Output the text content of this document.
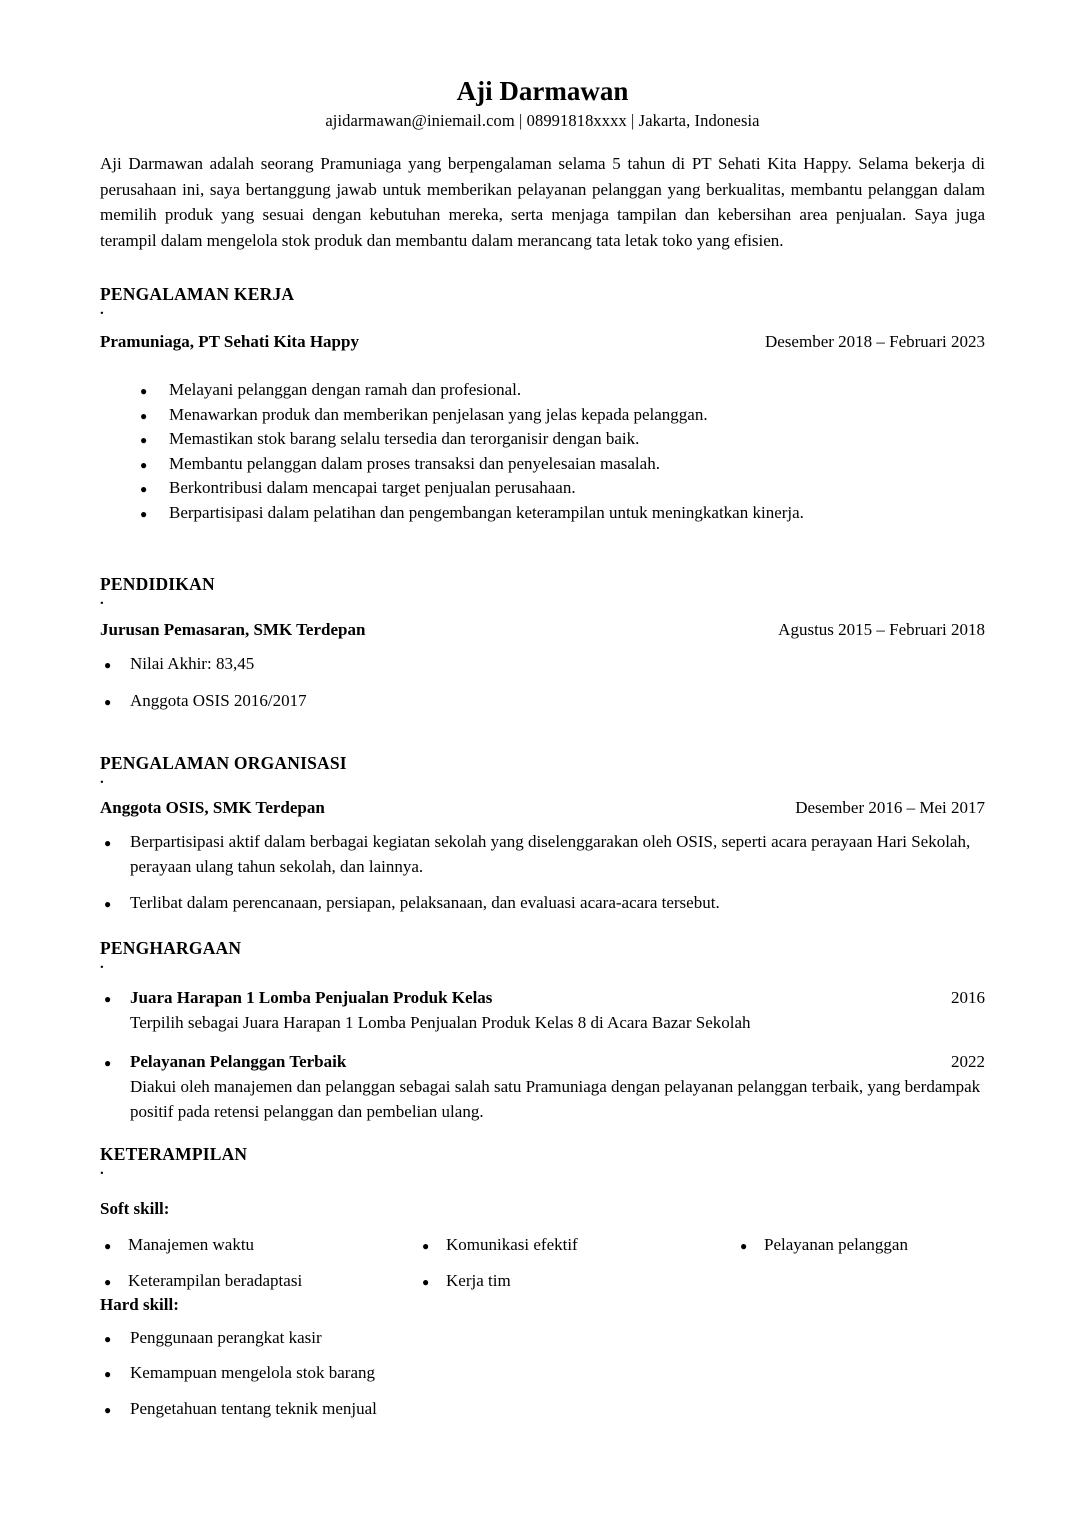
Aji Darmawan
ajidarmawan@iniemail.com | 08991818xxxx | Jakarta, Indonesia

Aji Darmawan adalah seorang Pramuniaga yang berpengalaman selama 5 tahun di PT Sehati Kita Happy. Selama bekerja di perusahaan ini, saya bertanggung jawab untuk memberikan pelayanan pelanggan yang berkualitas, membantu pelanggan dalam memilih produk yang sesuai dengan kebutuhan mereka, serta menjaga tampilan dan kebersihan area penjualan. Saya juga terampil dalam mengelola stok produk dan membantu dalam merancang tata letak toko yang efisien.

PENGALAMAN KERJA
.
Pramuniaga, PT Sehati Kita Happy	Desember 2018 – Februari 2023
● Melayani pelanggan dengan ramah dan profesional.
● Menawarkan produk dan memberikan penjelasan yang jelas kepada pelanggan.
● Memastikan stok barang selalu tersedia dan terorganisir dengan baik.
● Membantu pelanggan dalam proses transaksi dan penyelesaian masalah.
● Berkontribusi dalam mencapai target penjualan perusahaan.
● Berpartisipasi dalam pelatihan dan pengembangan keterampilan untuk meningkatkan kinerja.
PENDIDIKAN
.
Jurusan Pemasaran, SMK Terdepan	Agustus 2015 – Februari 2018
● Nilai Akhir: 83,45
● Anggota OSIS 2016/2017
PENGALAMAN ORGANISASI
.
Anggota OSIS, SMK Terdepan	Desember 2016 – Mei 2017
● Berpartisipasi aktif dalam berbagai kegiatan sekolah yang diselenggarakan oleh OSIS, seperti acara perayaan Hari Sekolah, perayaan ulang tahun sekolah, dan lainnya.
● Terlibat dalam perencanaan, persiapan, pelaksanaan, dan evaluasi acara-acara tersebut.
PENGHARGAAN
.
● Juara Harapan 1 Lomba Penjualan Produk Kelas	2016
Terpilih sebagai Juara Harapan 1 Lomba Penjualan Produk Kelas 8 di Acara Bazar Sekolah
● Pelayanan Pelanggan Terbaik	2022
Diakui oleh manajemen dan pelanggan sebagai salah satu Pramuniaga dengan pelayanan pelanggan terbaik, yang berdampak positif pada retensi pelanggan dan pembelian ulang.
KETERAMPILAN
.
Soft skill:
● Manajemen waktu	● Komunikasi efektif	● Pelayanan pelanggan
● Keterampilan beradaptasi	● Kerja tim
Hard skill:
● Penggunaan perangkat kasir
● Kemampuan mengelola stok barang
● Pengetahuan tentang teknik menjual
